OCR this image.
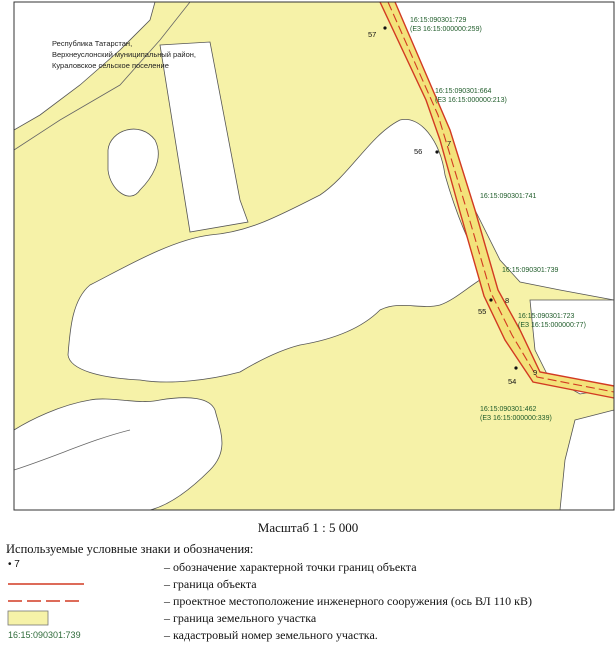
Республика Татарстан,
Верхнеуслонский муниципальный район,
Кураловское сельское поселение
16:15:090301:729
(ЕЗ 16:15:000000:259)
16:15:090301:664
(ЕЗ 16:15:000000:213)
16:15:090301:741
16:15:090301:739
16:15:090301:723
(ЕЗ 16:15:000000:77)
16:15:090301:462
(ЕЗ 16:15:000000:339)
57
56
7
55
8
54
9
Масштаб 1 : 5 000
Используемые условные знаки и обозначения:
• 7	– обозначение характерной точки границ объекта
– граница объекта
– проектное местоположение инженерного сооружения (ось ВЛ 110 кВ)
– граница земельного участка
16:15:090301:739	– кадастровый номер земельного участка.
